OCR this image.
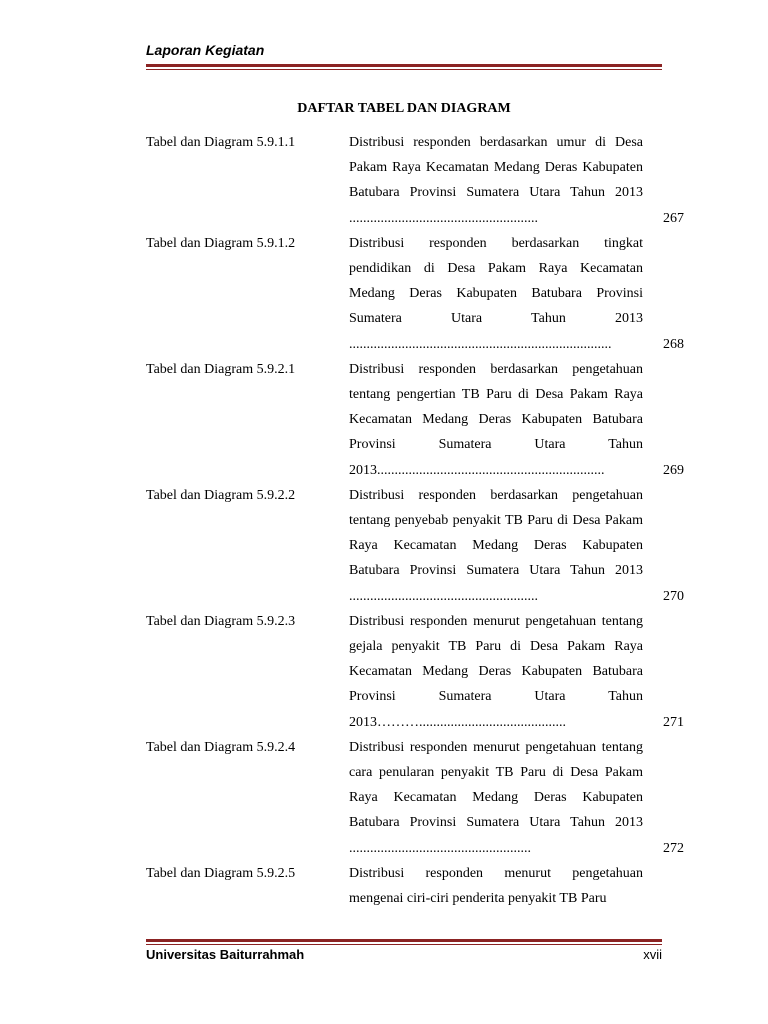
Laporan Kegiatan
DAFTAR TABEL DAN DIAGRAM
Tabel dan Diagram 5.9.1.1	Distribusi responden berdasarkan umur di Desa Pakam Raya Kecamatan Medang Deras Kabupaten Batubara Provinsi Sumatera Utara Tahun 2013 ......................................................	267
Tabel dan Diagram 5.9.1.2	Distribusi responden berdasarkan tingkat pendidikan di Desa Pakam Raya Kecamatan Medang Deras Kabupaten Batubara Provinsi Sumatera Utara Tahun 2013 ...........................................................................	268
Tabel dan Diagram 5.9.2.1	Distribusi responden berdasarkan pengetahuan tentang pengertian TB Paru di Desa Pakam Raya Kecamatan Medang Deras Kabupaten Batubara Provinsi Sumatera Utara Tahun 2013.................................................................	269
Tabel dan Diagram 5.9.2.2	Distribusi responden berdasarkan pengetahuan tentang penyebab penyakit TB Paru di Desa Pakam Raya Kecamatan Medang Deras Kabupaten Batubara Provinsi Sumatera Utara Tahun 2013 ......................................................	270
Tabel dan Diagram 5.9.2.3	Distribusi responden menurut pengetahuan tentang gejala penyakit TB Paru di Desa Pakam Raya Kecamatan Medang Deras Kabupaten Batubara Provinsi Sumatera Utara Tahun 2013………..........................................	271
Tabel dan Diagram 5.9.2.4	Distribusi responden menurut pengetahuan tentang cara penularan penyakit TB Paru di Desa Pakam Raya Kecamatan Medang Deras Kabupaten Batubara Provinsi Sumatera Utara Tahun 2013 ....................................................	272
Tabel dan Diagram 5.9.2.5	Distribusi responden menurut pengetahuan mengenai ciri-ciri penderita penyakit TB Paru
Universitas Baiturrahmah	xvii
